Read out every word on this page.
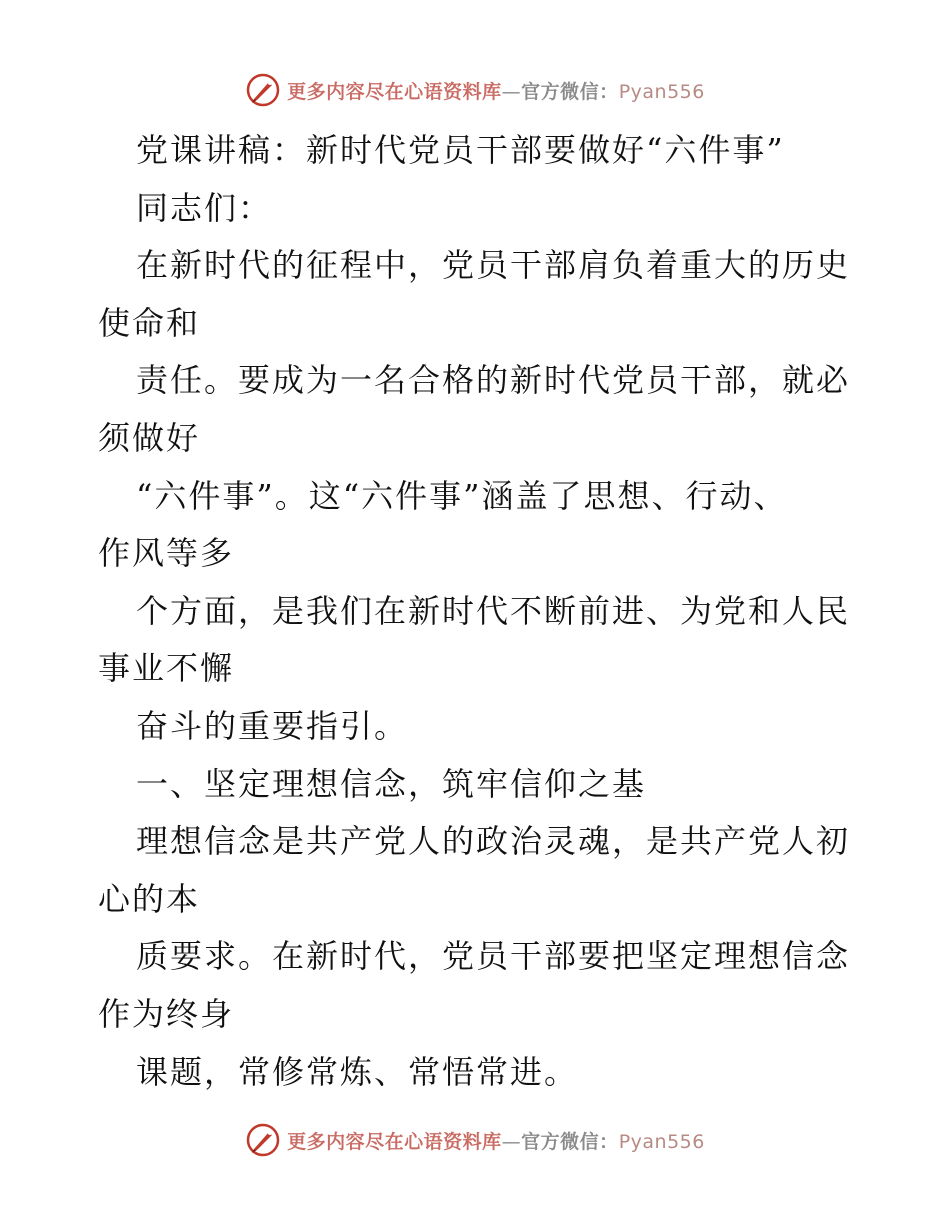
更多内容尽在心语资料库—官方微信：Pyan556
党课讲稿：新时代党员干部要做好“六件事”
同志们：
在新时代的征程中，党员干部肩负着重大的历史
使命和
责任。要成为一名合格的新时代党员干部，就必
须做好
“六件事”。这“六件事”涵盖了思想、行动、
作风等多
个方面，是我们在新时代不断前进、为党和人民
事业不懈
奋斗的重要指引。
一、坚定理想信念，筑牢信仰之基
理想信念是共产党人的政治灵魂，是共产党人初
心的本
质要求。在新时代，党员干部要把坚定理想信念
作为终身
课题，常修常炼、常悟常进。
更多内容尽在心语资料库—官方微信：Pyan556
